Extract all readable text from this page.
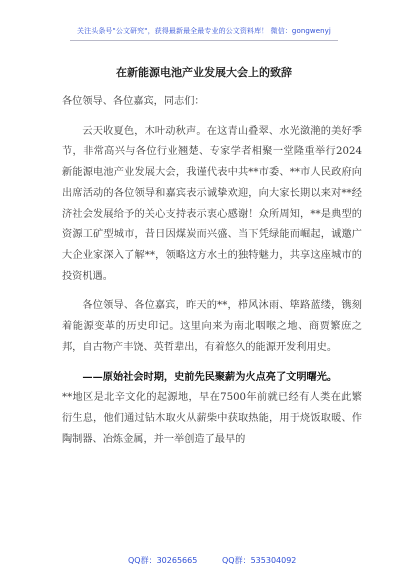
关注头条号"公文研究"，获得最新最全最专业的公文资料库！ 微信：gongwenyj
在新能源电池产业发展大会上的致辞

各位领导、各位嘉宾，同志们：

云天收夏色，木叶动秋声。在这青山叠翠、水光潋滟的美好季节，非常高兴与各位行业翘楚、专家学者相聚一堂隆重举行2024新能源电池产业发展大会，我谨代表中共**市委、**市人民政府向出席活动的各位领导和嘉宾表示诚挚欢迎，向大家长期以来对**经济社会发展给予的关心支持表示衷心感谢！众所周知，**是典型的资源工矿型城市，昔日因煤炭而兴盛、当下凭绿能而崛起，诚邀广大企业家深入了解**，领略这方水土的独特魅力，共享这座城市的投资机遇。

各位领导、各位嘉宾，昨天的**，栉风沐雨、筚路蓝缕，镌刻着能源变革的历史印记。这里向来为南北咽喉之地、商贾繁庶之邦，自古物产丰饶、英哲辈出，有着悠久的能源开发利用史。

——原始社会时期，史前先民聚薪为火点亮了文明曙光。

**地区是北辛文化的起源地，早在7500年前就已经有人类在此繁衍生息，他们通过钻木取火从薪柴中获取热能，用于烧饭取暖、作陶制器、冶炼金属，并一举创造了最早的

QQ群：30265665	QQ群：535304092
